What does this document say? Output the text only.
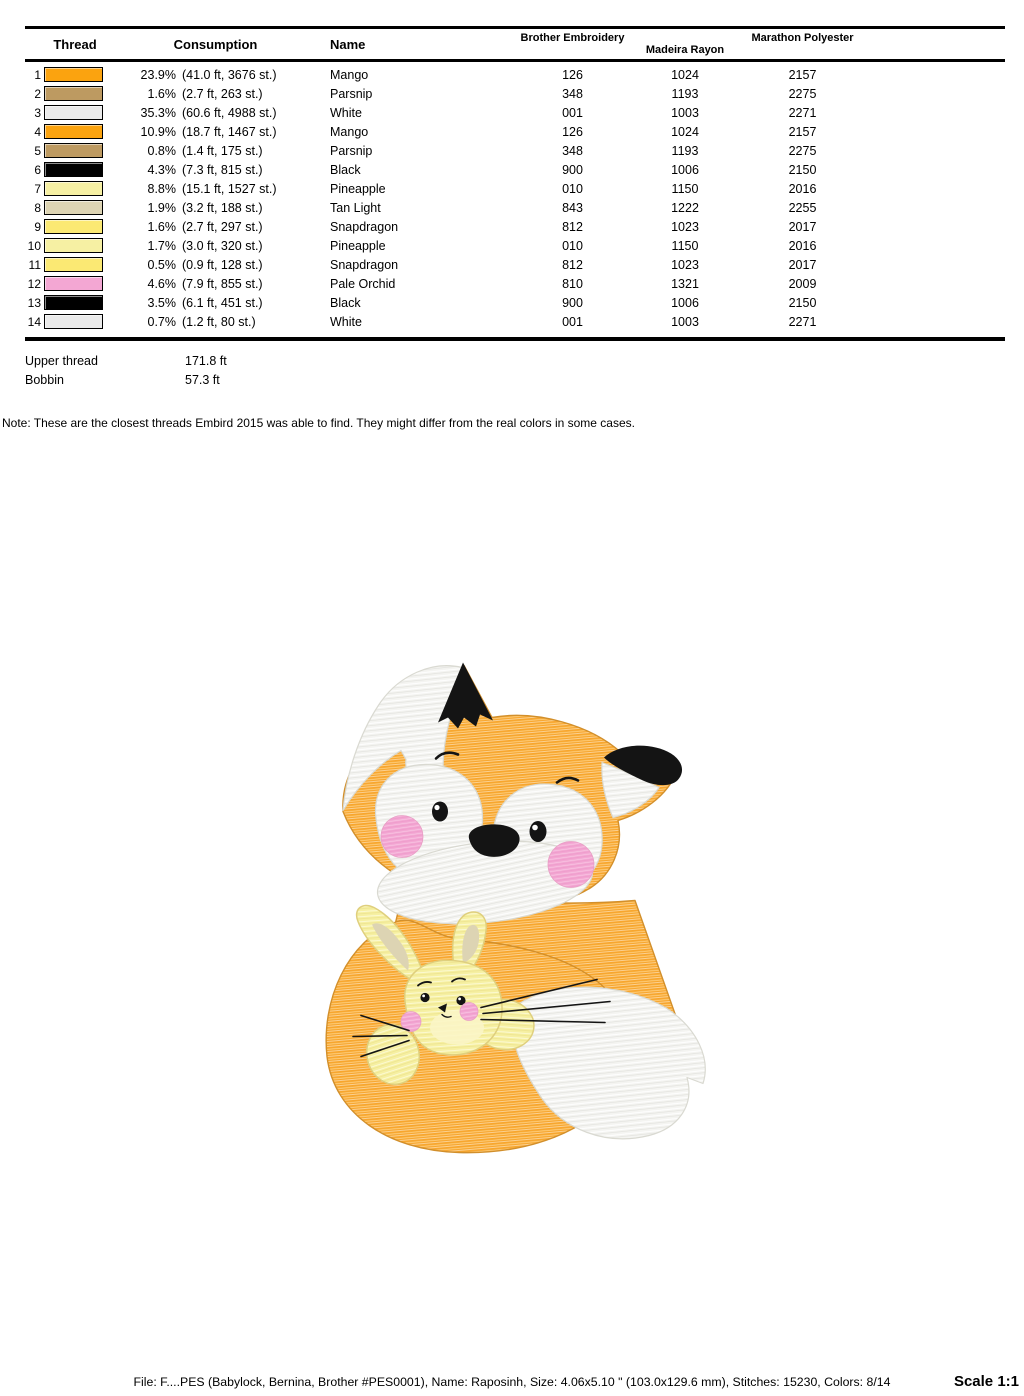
Thread	Consumption	Name	Brother Embroidery
Madeira Rayon
Marathon Polyester
1	23.9% (41.0 ft, 3676 st.)	Mango	126	1024	2157
2	1.6% (2.7 ft, 263 st.)	Parsnip	348	1193	2275
3	35.3% (60.6 ft, 4988 st.)	White	001	1003	2271
4	10.9% (18.7 ft, 1467 st.)	Mango	126	1024	2157
5	0.8% (1.4 ft, 175 st.)	Parsnip	348	1193	2275
6	4.3% (7.3 ft, 815 st.)	Black	900	1006	2150
7	8.8% (15.1 ft, 1527 st.)	Pineapple	010	1150	2016
8	1.9% (3.2 ft, 188 st.)	Tan Light	843	1222	2255
9	1.6% (2.7 ft, 297 st.)	Snapdragon	812	1023	2017
10	1.7% (3.0 ft, 320 st.)	Pineapple	010	1150	2016
11	0.5% (0.9 ft, 128 st.)	Snapdragon	812	1023	2017
12	4.6% (7.9 ft, 855 st.)	Pale Orchid	810	1321	2009
13	3.5% (6.1 ft, 451 st.)	Black	900	1006	2150
14	0.7% (1.2 ft, 80 st.)	White	001	1003	2271
Upper thread	171.8 ft
Bobbin	57.3 ft
Note: These are the closest threads Embird 2015 was able to find. They might differ from the real colors in some cases.
File: F....PES (Babylock, Bernina, Brother #PES0001), Name: Raposinh, Size: 4.06x5.10 " (103.0x129.6 mm), Stitches: 15230, Colors: 8/14	Scale 1:1
